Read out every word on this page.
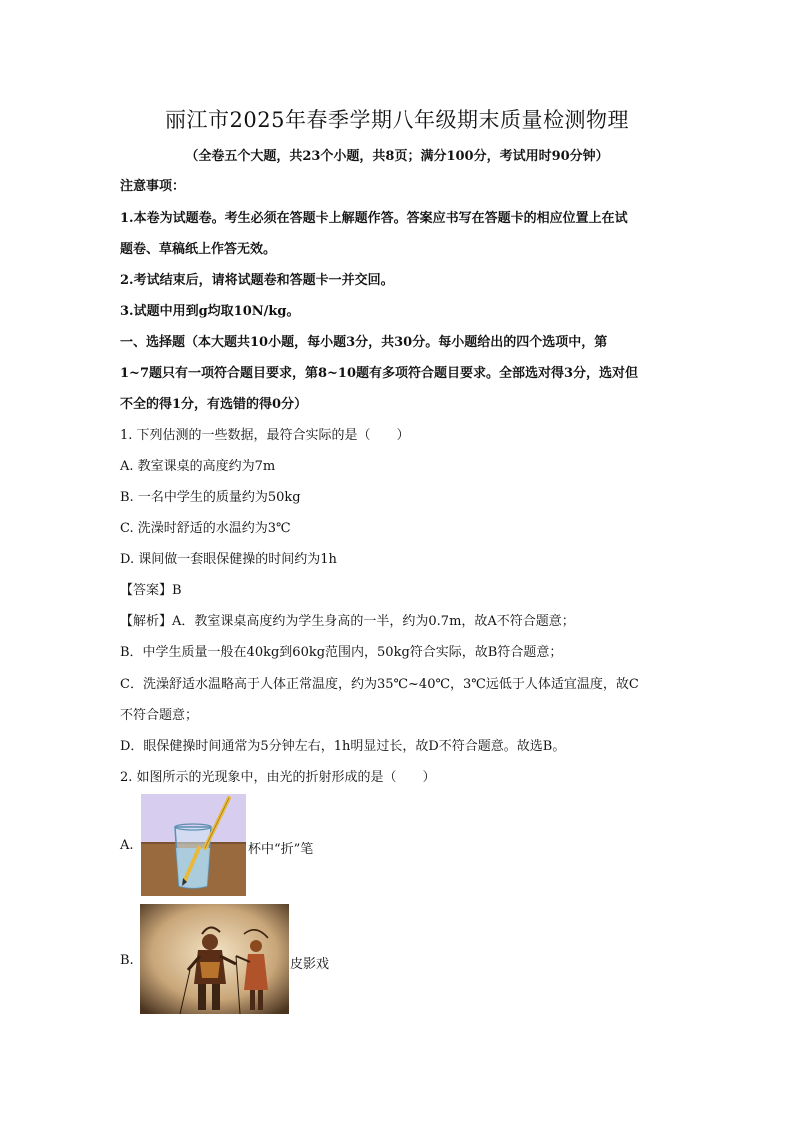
丽江市2025年春季学期八年级期末质量检测物理
（全卷五个大题，共23个小题，共8页；满分100分，考试用时90分钟）
注意事项：
1.本卷为试题卷。考生必须在答题卡上解题作答。答案应书写在答题卡的相应位置上在试
题卷、草稿纸上作答无效。
2.考试结束后，请将试题卷和答题卡一并交回。
3.试题中用到g均取10N/kg。
一、选择题（本大题共10小题，每小题3分，共30分。每小题给出的四个选项中，第
1~7题只有一项符合题目要求，第8~10题有多项符合题目要求。全部选对得3分，选对但
不全的得1分，有选错的得0分）
1. 下列估测的一些数据，最符合实际的是（　　）
A. 教室课桌的高度约为7m
B. 一名中学生的质量约为50kg
C. 洗澡时舒适的水温约为3℃
D. 课间做一套眼保健操的时间约为1h
【答案】B
【解析】A．教室课桌高度约为学生身高的一半，约为0.7m，故A不符合题意；
B．中学生质量一般在40kg到60kg范围内，50kg符合实际，故B符合题意；
C．洗澡舒适水温略高于人体正常温度，约为35℃~40℃，3℃远低于人体适宜温度，故C
不符合题意；
D．眼保健操时间通常为5分钟左右，1h明显过长，故D不符合题意。故选B。
2. 如图所示的光现象中，由光的折射形成的是（　　）
A.	杯中“折”笔
B.	皮影戏
